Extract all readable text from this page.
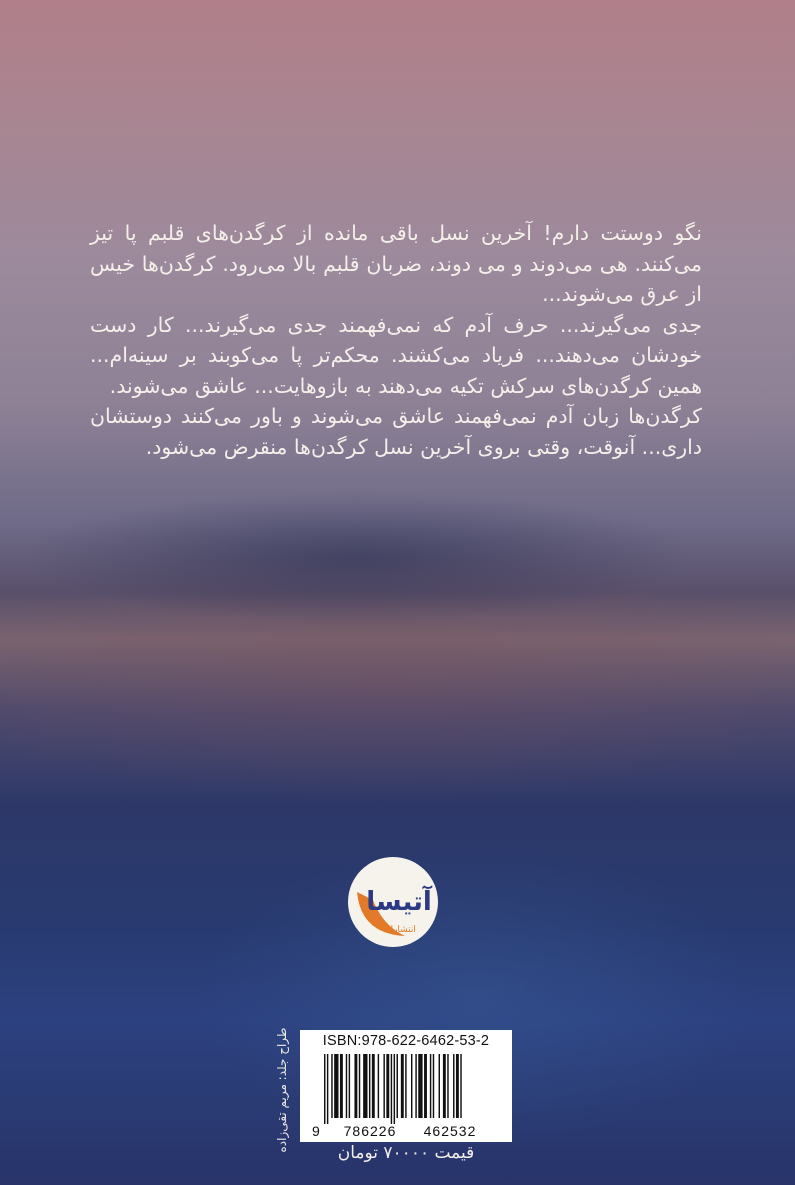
نگو دوستت دارم! آخرین نسل باقی مانده از کرگدن‌های قلبم پا تیز می‌کنند. هی می‌دوند و می دوند، ضربان قلبم بالا می‌رود. کرگدن‌ها خیس از عرق می‌شوند...

جدی می‌گیرند... حرف آدم که نمی‌فهمند جدی می‌گیرند... کار دست خودشان می‌دهند... فریاد می‌کشند. محکم‌تر پا می‌کوبند بر سینه‌ام... همین کرگدن‌های سرکش تکیه می‌دهند به بازوهایت... عاشق می‌شوند.

کرگدن‌ها زبان آدم نمی‌فهمند عاشق می‌شوند و باور می‌کنند دوستشان داری... آنوقت، وقتی بروی آخرین نسل کرگدن‌ها منقرض می‌شود.

آتیسا
انتشارات
طراح جلد: مریم تقی‌زاده	ISBN:978-622-6462-53-2
9 786226 462532
قیمت ۷۰۰۰۰ تومان
